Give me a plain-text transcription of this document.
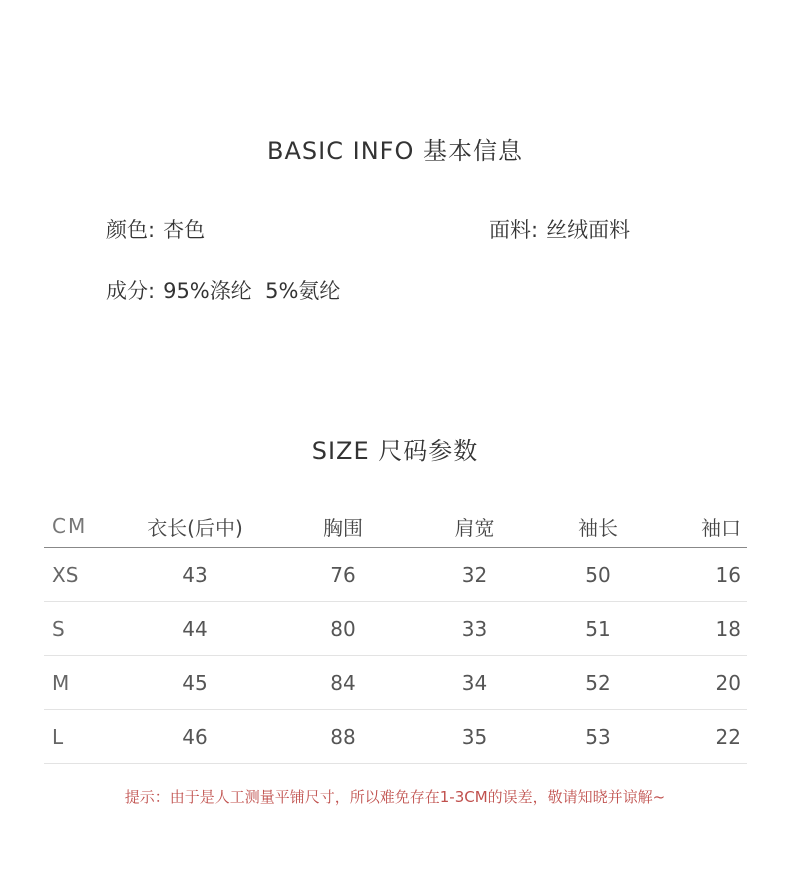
BASIC INFO 基本信息
颜色: 杏色	面料: 丝绒面料
成分: 95%涤纶  5%氨纶
SIZE 尺码参数
CM	衣长(后中)	胸围	肩宽	袖长	袖口
XS	43	76	32	50	16
S	44	80	33	51	18
M	45	84	34	52	20
L	46	88	35	53	22

提示：由于是人工测量平铺尺寸，所以难免存在1-3CM的误差，敬请知晓并谅解~
